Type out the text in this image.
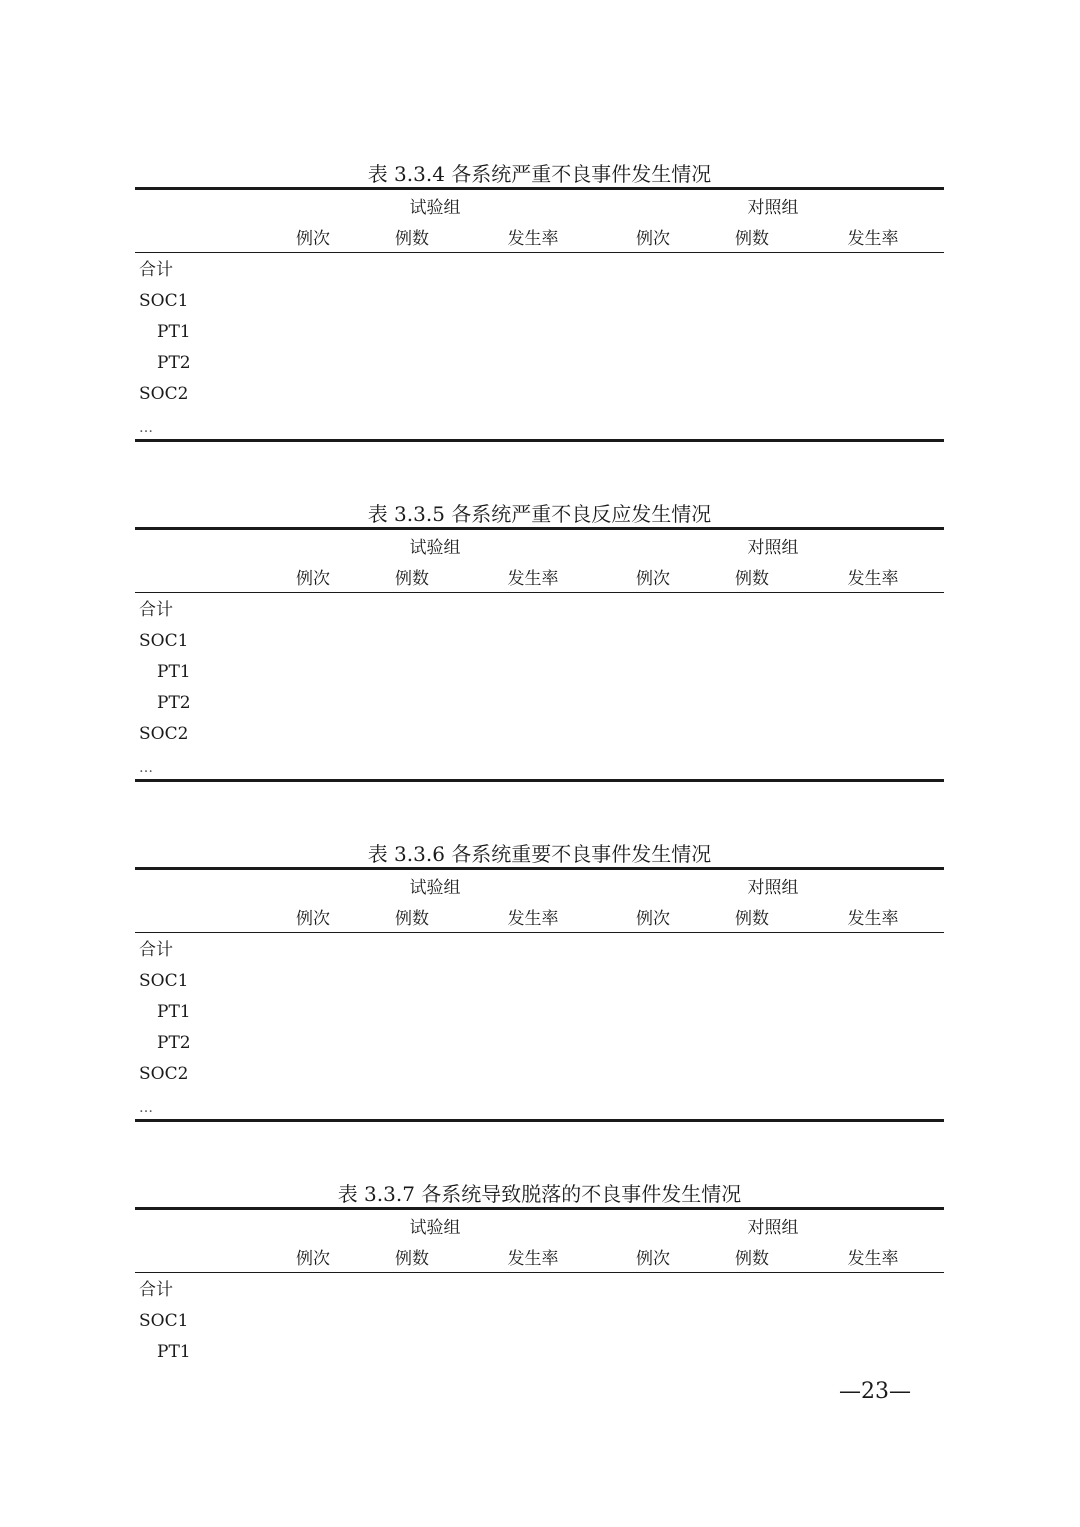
表 3.3.4 各系统严重不良事件发生情况
试验组	对照组
例次	例数	发生率	例次	例数	发生率
合计
SOC1
PT1
PT2
SOC2
…
表 3.3.5 各系统严重不良反应发生情况
试验组	对照组
例次	例数	发生率	例次	例数	发生率
合计
SOC1
PT1
PT2
SOC2
…
表 3.3.6 各系统重要不良事件发生情况
试验组	对照组
例次	例数	发生率	例次	例数	发生率
合计
SOC1
PT1
PT2
SOC2
…
表 3.3.7 各系统导致脱落的不良事件发生情况
试验组	对照组
例次	例数	发生率	例次	例数	发生率
合计
SOC1
PT1
—23—
